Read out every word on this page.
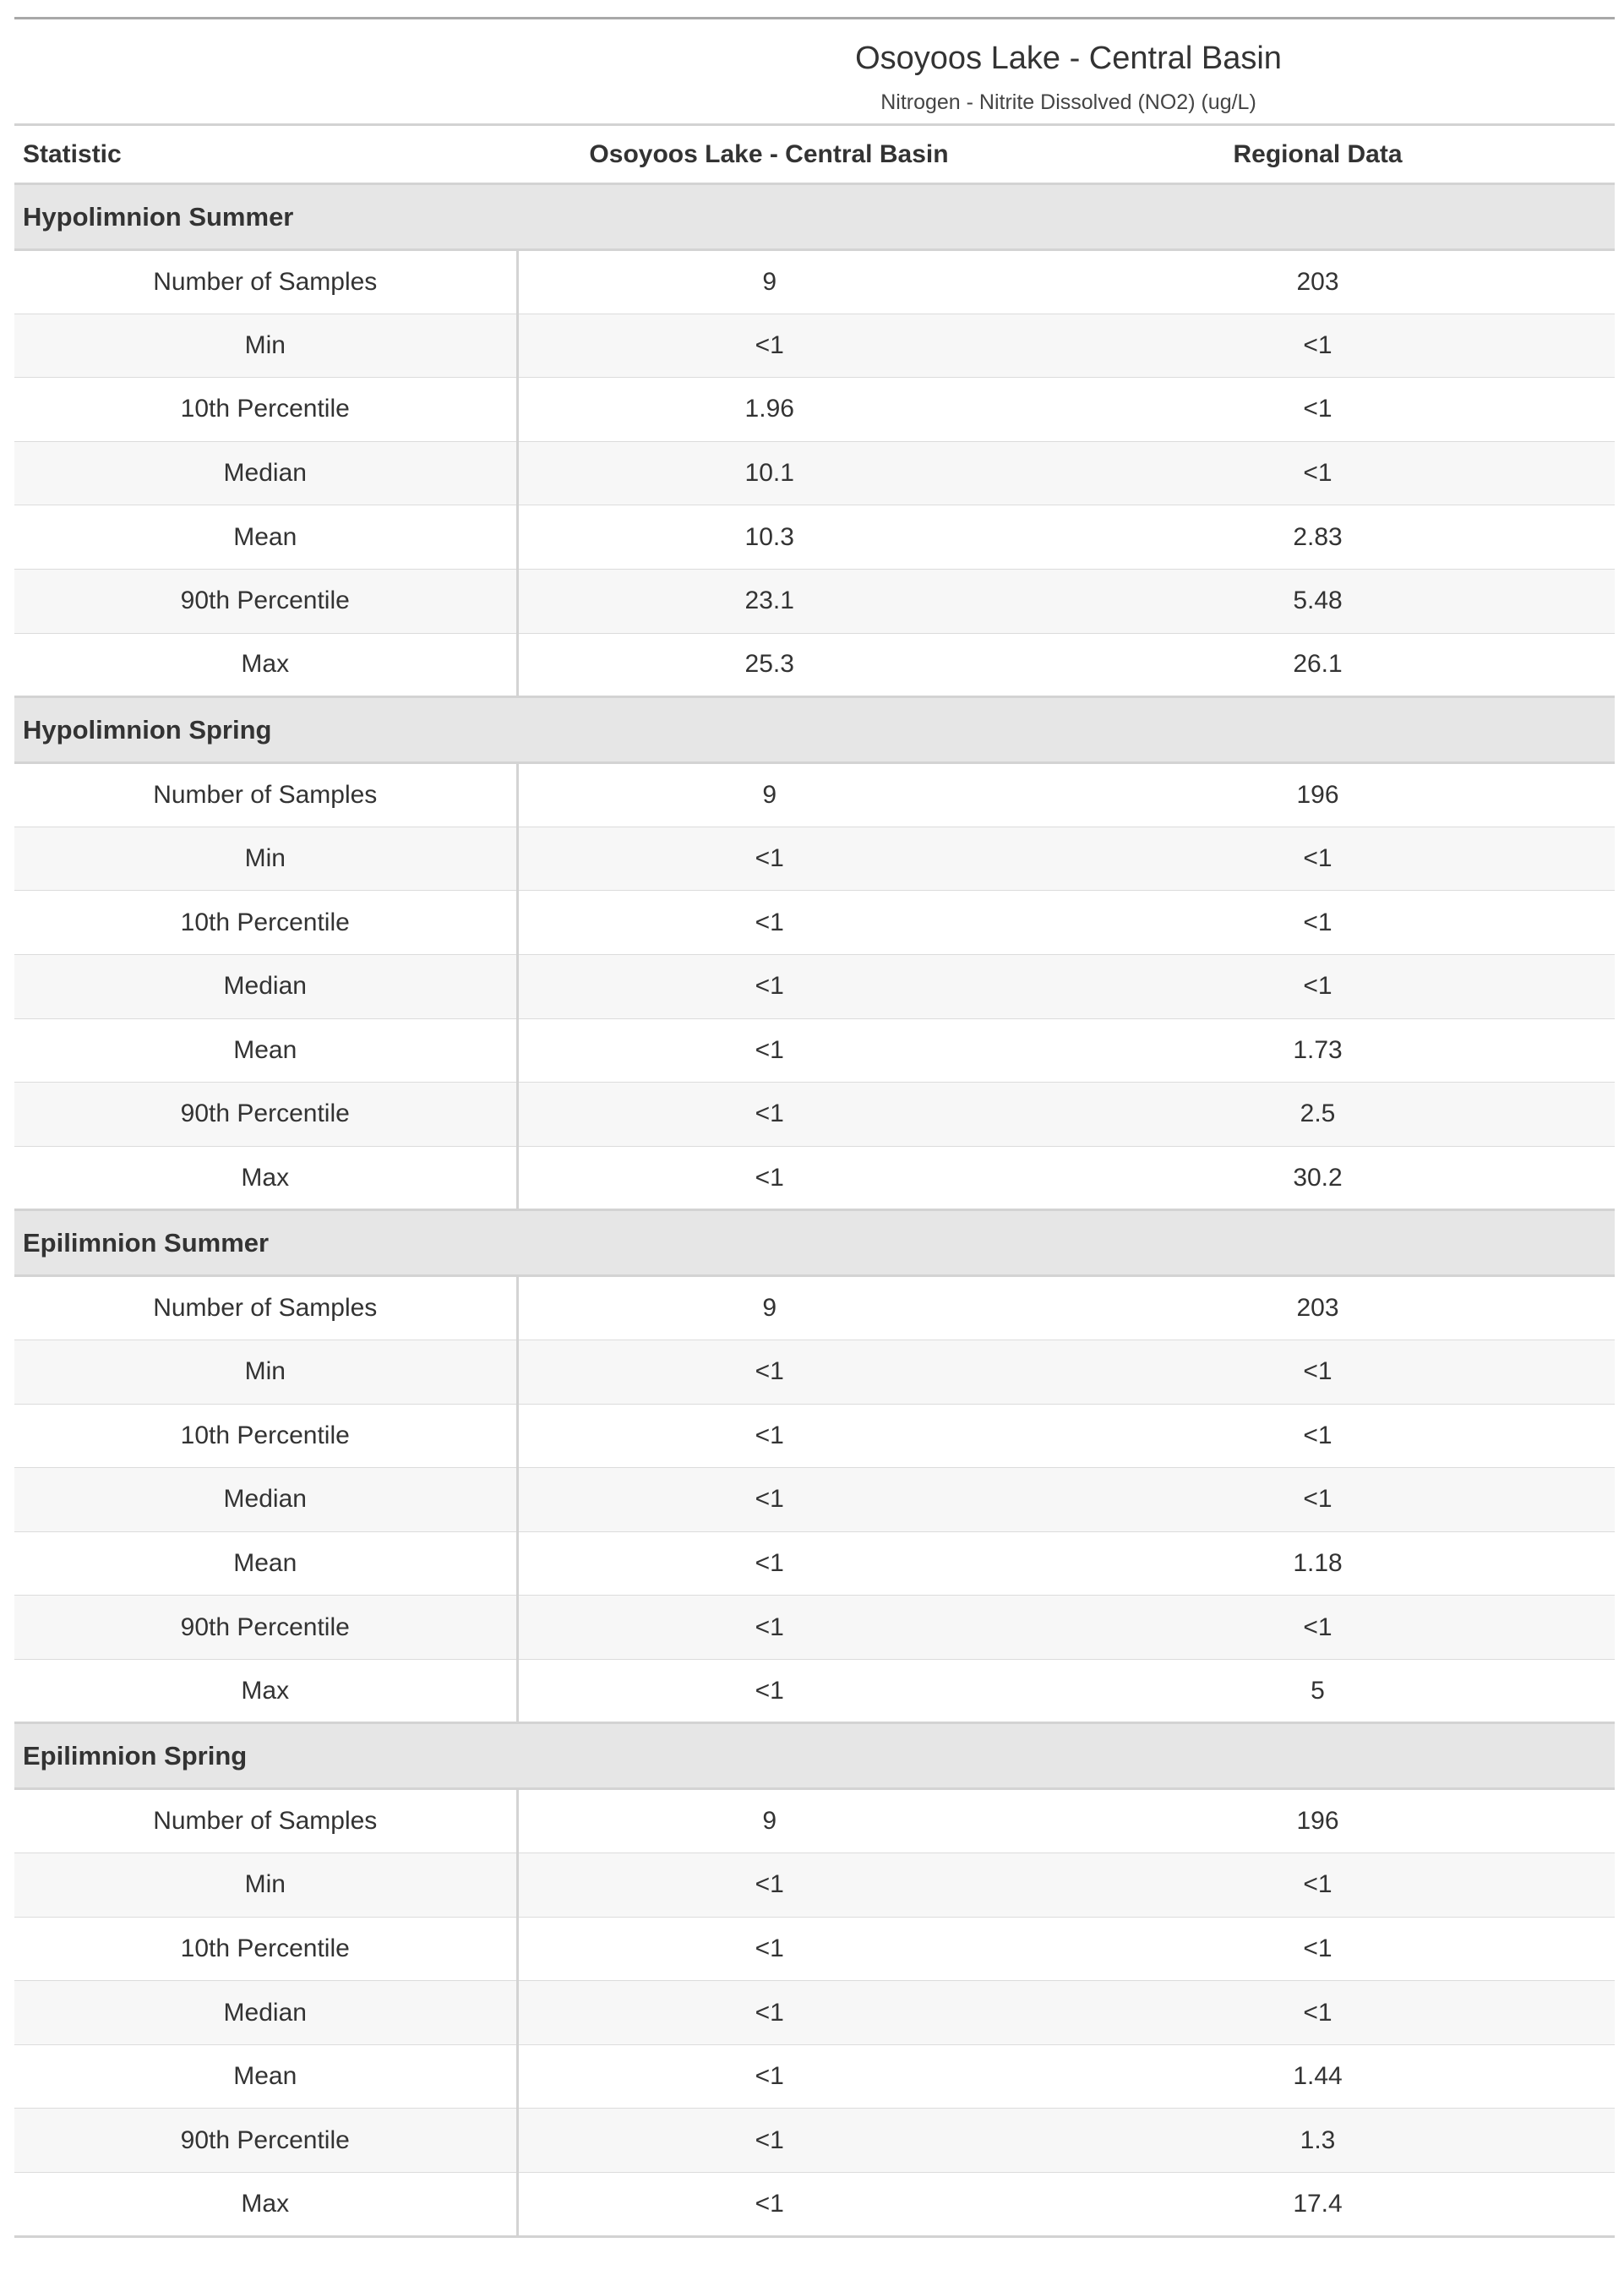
Osoyoos Lake - Central Basin		
Nitrogen - Nitrite Dissolved (NO2) (ug/L)		
Statistic	Osoyoos Lake - Central Basin	Regional Data
Hypolimnion Summer		
Number of Samples	9	203
Min	<1	<1
10th Percentile	1.96	<1
Median	10.1	<1
Mean	10.3	2.83
90th Percentile	23.1	5.48
Max	25.3	26.1
Hypolimnion Spring		
Number of Samples	9	196
Min	<1	<1
10th Percentile	<1	<1
Median	<1	<1
Mean	<1	1.73
90th Percentile	<1	2.5
Max	<1	30.2
Epilimnion Summer		
Number of Samples	9	203
Min	<1	<1
10th Percentile	<1	<1
Median	<1	<1
Mean	<1	1.18
90th Percentile	<1	<1
Max	<1	5
Epilimnion Spring		
Number of Samples	9	196
Min	<1	<1
10th Percentile	<1	<1
Median	<1	<1
Mean	<1	1.44
90th Percentile	<1	1.3
Max	<1	17.4
